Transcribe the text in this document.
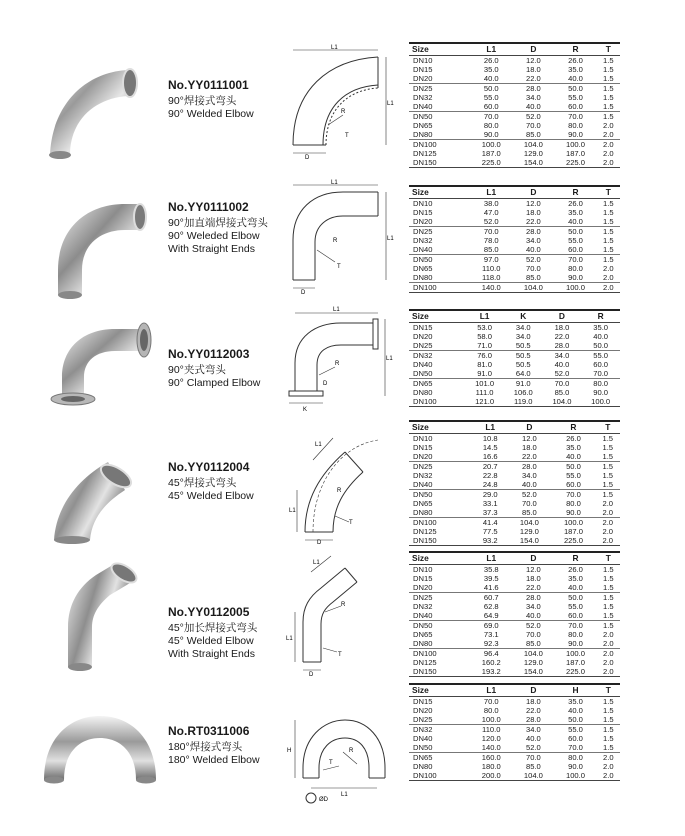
No.YY0111001
90°焊接式弯头
90° Welded Elbow
L1
L1
D
R
T
Size	L1	D	R	T
DN10	26.0	12.0	26.0	1.5
DN15	35.0	18.0	35.0	1.5
DN20	40.0	22.0	40.0	1.5
DN25	50.0	28.0	50.0	1.5
DN32	55.0	34.0	55.0	1.5
DN40	60.0	40.0	60.0	1.5
DN50	70.0	52.0	70.0	1.5
DN65	80.0	70.0	80.0	2.0
DN80	90.0	85.0	90.0	2.0
DN100	100.0	104.0	100.0	2.0
DN125	187.0	129.0	187.0	2.0
DN150	225.0	154.0	225.0	2.0
No.YY0111002
90°加直端焊接式弯头
90° Weleded Elbow
With Straight Ends
L1
L1
D
R
T
Size	L1	D	R	T
DN10	38.0	12.0	26.0	1.5
DN15	47.0	18.0	35.0	1.5
DN20	52.0	22.0	40.0	1.5
DN25	70.0	28.0	50.0	1.5
DN32	78.0	34.0	55.0	1.5
DN40	85.0	40.0	60.0	1.5
DN50	97.0	52.0	70.0	1.5
DN65	110.0	70.0	80.0	2.0
DN80	118.0	85.0	90.0	2.0
DN100	140.0	104.0	100.0	2.0
No.YY0112003
90°夹式弯头
90° Clamped Elbow
L1
L1
K
R
D
Size	L1	K	D	R
DN15	53.0	34.0	18.0	35.0
DN20	58.0	34.0	22.0	40.0
DN25	71.0	50.5	28.0	50.0
DN32	76.0	50.5	34.0	55.0
DN40	81.0	50.5	40.0	60.0
DN50	91.0	64.0	52.0	70.0
DN65	101.0	91.0	70.0	80.0
DN80	111.0	106.0	85.0	90.0
DN100	121.0	119.0	104.0	100.0
No.YY0112004
45°焊接式弯头
45° Welded Elbow
L1
L1
D
R
T
Size	L1	D	R	T
DN10	10.8	12.0	26.0	1.5
DN15	14.5	18.0	35.0	1.5
DN20	16.6	22.0	40.0	1.5
DN25	20.7	28.0	50.0	1.5
DN32	22.8	34.0	55.0	1.5
DN40	24.8	40.0	60.0	1.5
DN50	29.0	52.0	70.0	1.5
DN65	33.1	70.0	80.0	2.0
DN80	37.3	85.0	90.0	2.0
DN100	41.4	104.0	100.0	2.0
DN125	77.5	129.0	187.0	2.0
DN150	93.2	154.0	225.0	2.0
No.YY0112005
45°加长焊接式弯头
45° Welded Elbow
With Straight Ends
L1
L1
D
R
T
Size	L1	D	R	T
DN10	35.8	12.0	26.0	1.5
DN15	39.5	18.0	35.0	1.5
DN20	41.6	22.0	40.0	1.5
DN25	60.7	28.0	50.0	1.5
DN32	62.8	34.0	55.0	1.5
DN40	64.9	40.0	60.0	1.5
DN50	69.0	52.0	70.0	1.5
DN65	73.1	70.0	80.0	2.0
DN80	92.3	85.0	90.0	2.0
DN100	96.4	104.0	100.0	2.0
DN125	160.2	129.0	187.0	2.0
DN150	193.2	154.0	225.0	2.0
No.RT0311006
180°焊接式弯头
180° Welded Elbow
L1
H	R
T
ØD
Size	L1	D	H	T
DN15	70.0	18.0	35.0	1.5
DN20	80.0	22.0	40.0	1.5
DN25	100.0	28.0	50.0	1.5
DN32	110.0	34.0	55.0	1.5
DN40	120.0	40.0	60.0	1.5
DN50	140.0	52.0	70.0	1.5
DN65	160.0	70.0	80.0	2.0
DN80	180.0	85.0	90.0	2.0
DN100	200.0	104.0	100.0	2.0
